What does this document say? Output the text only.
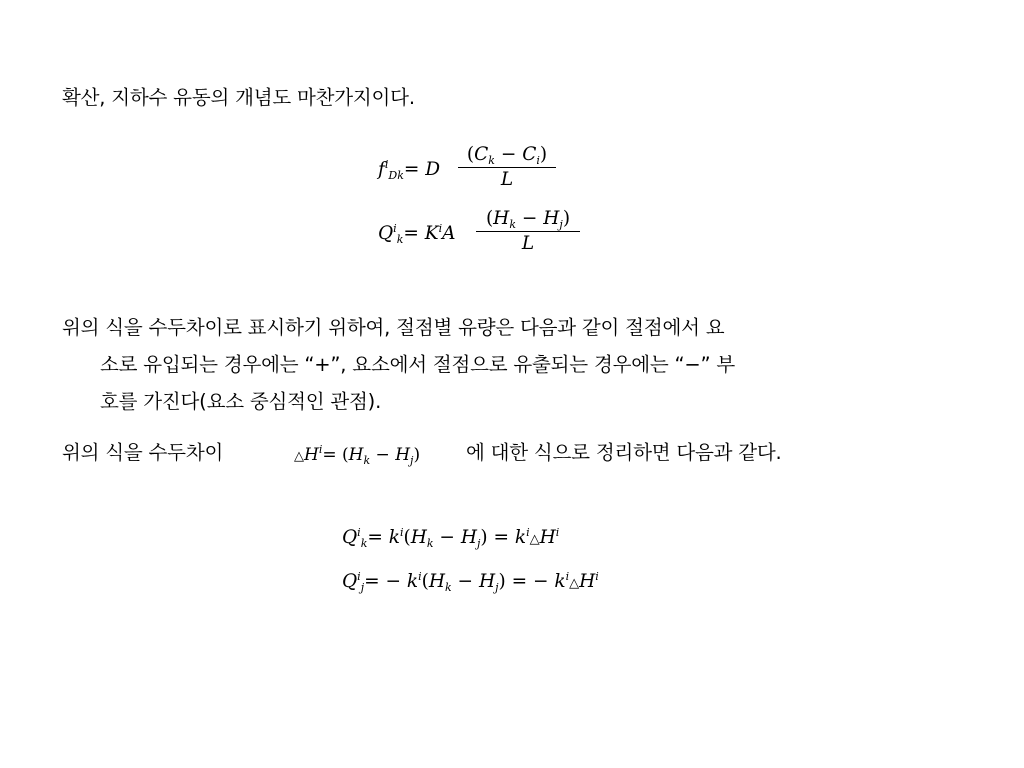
확산, 지하수 유동의 개념도 마찬가지이다.
$f^i_{Dk}= D$
$(C_k - C_i)$
L
$Q^i_k= K^iA$
$(H_k - H_j)$
L
위의 식을 수두차이로 표시하기 위하여, 절점별 유량은 다음과 같이 절점에서 요
소로 유입되는 경우에는 “+”, 요소에서 절점으로 유출되는 경우에는 “−” 부
호를 가진다(요소 중심적인 관점).
위의 식을 수두차이	$\triangle H^i= (H_k - H_j)$ 에 대한 식으로 정리하면 다음과 같다.
$Q^i_k= k^i(H_k - H_j)$ = $k^i\triangle H^i$
$Q^i_j= - k^i(H_k - H_j)$ = − $k^i\triangle H^i$
